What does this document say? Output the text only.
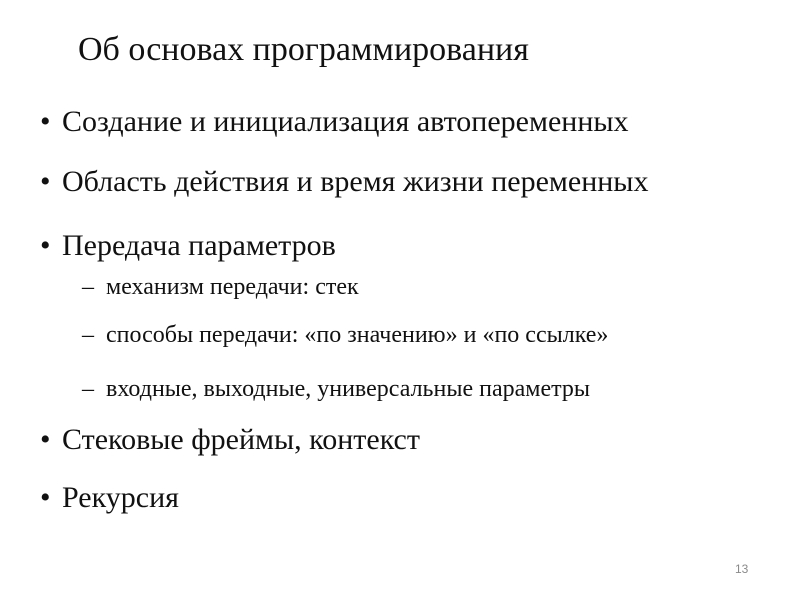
Об основах программирования
• Создание и инициализация автопеременных
• Область действия и время жизни переменных
• Передача параметров
– механизм передачи: стек
– способы передачи: «по значению» и «по ссылке»
– входные, выходные, универсальные параметры
• Стековые фреймы, контекст
• Рекурсия
13
